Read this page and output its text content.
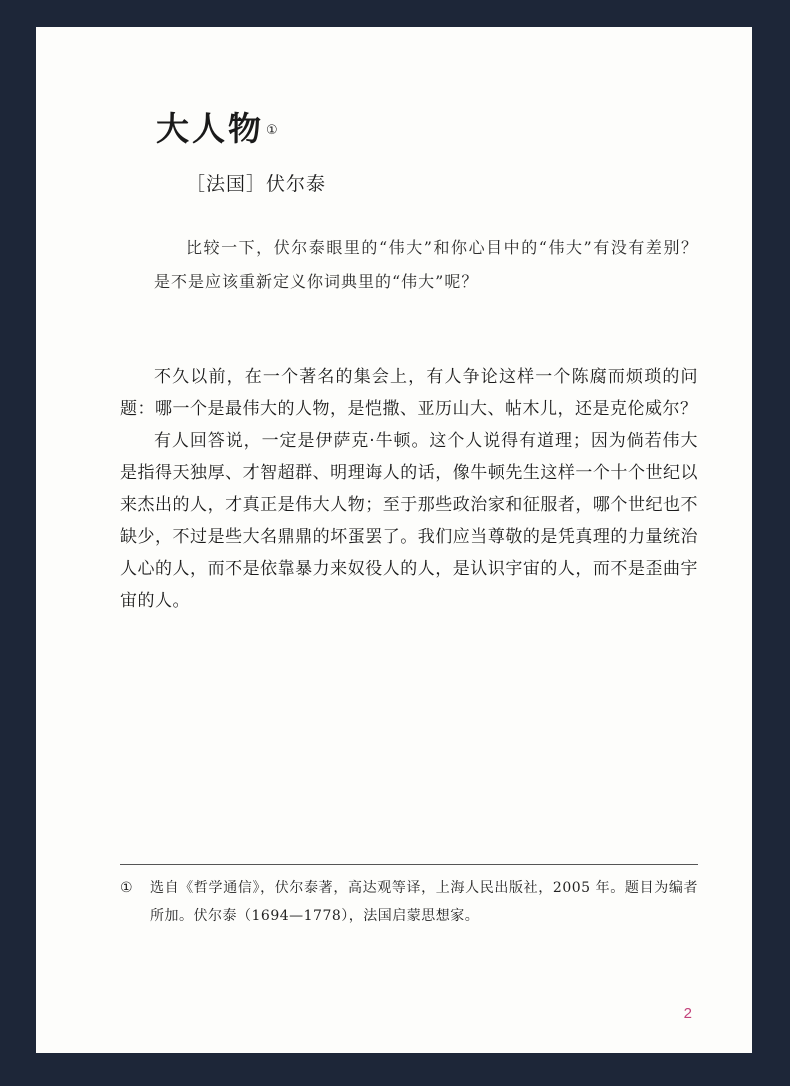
大人物 ①
［法国］伏尔泰

比较一下，伏尔泰眼里的“伟大”和你心目中的“伟大”有没有差别？是不是应该重新定义你词典里的“伟大”呢？

不久以前，在一个著名的集会上，有人争论这样一个陈腐而烦琐的问题：哪一个是最伟大的人物，是恺撒、亚历山大、帖木儿，还是克伦威尔？

有人回答说，一定是伊萨克·牛顿。这个人说得有道理；因为倘若伟大是指得天独厚、才智超群、明理诲人的话，像牛顿先生这样一个十个世纪以来杰出的人，才真正是伟大人物；至于那些政治家和征服者，哪个世纪也不缺少，不过是些大名鼎鼎的坏蛋罢了。我们应当尊敬的是凭真理的力量统治人心的人，而不是依靠暴力来奴役人的人，是认识宇宙的人，而不是歪曲宇宙的人。

①	选自《哲学通信》，伏尔泰著，高达观等译，上海人民出版社，2005 年。题目为编者所加。伏尔泰（1694—1778），法国启蒙思想家。
2
